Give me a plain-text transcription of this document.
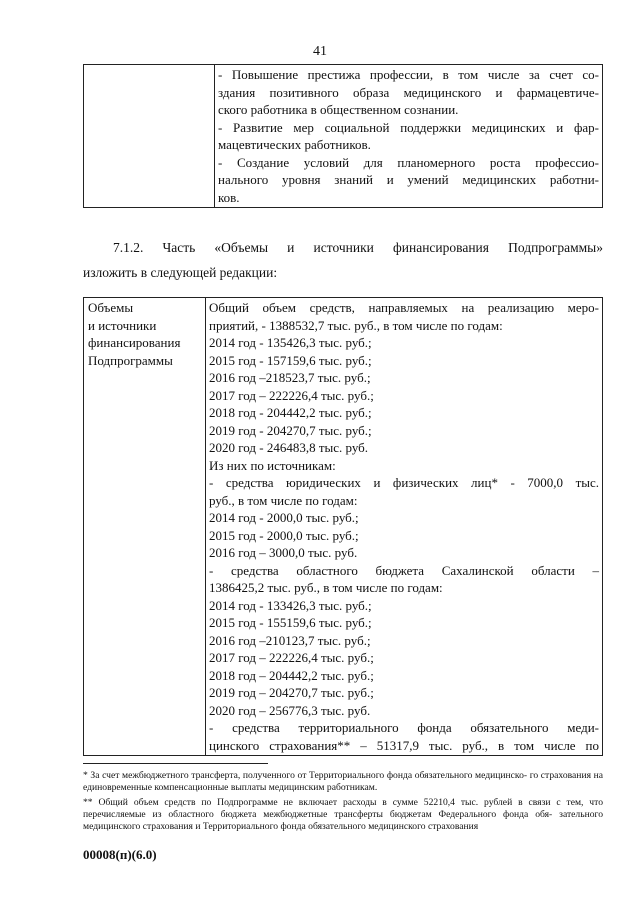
41

- Повышение престижа профессии, в том числе за счет со-
здания позитивного образа медицинского и фармацевтиче-
ского работника в общественном сознании.
- Развитие мер социальной поддержки медицинских и фар-
мацевтических работников.
- Создание условий для планомерного роста профессио-
нального уровня знаний и умений медицинских работни-
ков.
7.1.2. Часть «Объемы и источники финансирования Подпрограммы»
изложить в следующей редакции:
Объемы
и источники
финансирования
Подпрограммы

Общий объем средств, направляемых на реализацию меро-
приятий, - 1388532,7 тыс. руб., в том числе по годам:
2014 год - 135426,3 тыс. руб.;
2015 год - 157159,6 тыс. руб.;
2016 год –218523,7 тыс. руб.;
2017 год – 222226,4 тыс. руб.;
2018 год - 204442,2 тыс. руб.;
2019 год - 204270,7 тыс. руб.;
2020 год - 246483,8 тыс. руб.
Из них по источникам:
- средства юридических и физических лиц* - 7000,0 тыс.
руб., в том числе по годам:
2014 год - 2000,0 тыс. руб.;
2015 год - 2000,0 тыс. руб.;
2016 год – 3000,0 тыс. руб.
- средства областного бюджета Сахалинской области –
1386425,2 тыс. руб., в том числе по годам:
2014 год - 133426,3 тыс. руб.;
2015 год - 155159,6 тыс. руб.;
2016 год –210123,7 тыс. руб.;
2017 год – 222226,4 тыс. руб.;
2018 год – 204442,2 тыс. руб.;
2019 год – 204270,7 тыс. руб.;
2020 год – 256776,3 тыс. руб.
- средства территориального фонда обязательного меди-
цинского страхования** – 51317,9 тыс. руб., в том числе по
* За счет межбюджетного трансферта, полученного от Территориального фонда обязательного медицинско- го страхования на единовременные компенсационные выплаты медицинским работникам.
** Общий объем средств по Подпрограмме не включает расходы в сумме 52210,4 тыс. рублей в связи с тем, что перечисляемые из областного бюджета межбюджетные трансферты бюджетам Федерального фонда обя- зательного медицинского страхования и Территориального фонда обязательного медицинского страхования
00008(п)(6.0)
